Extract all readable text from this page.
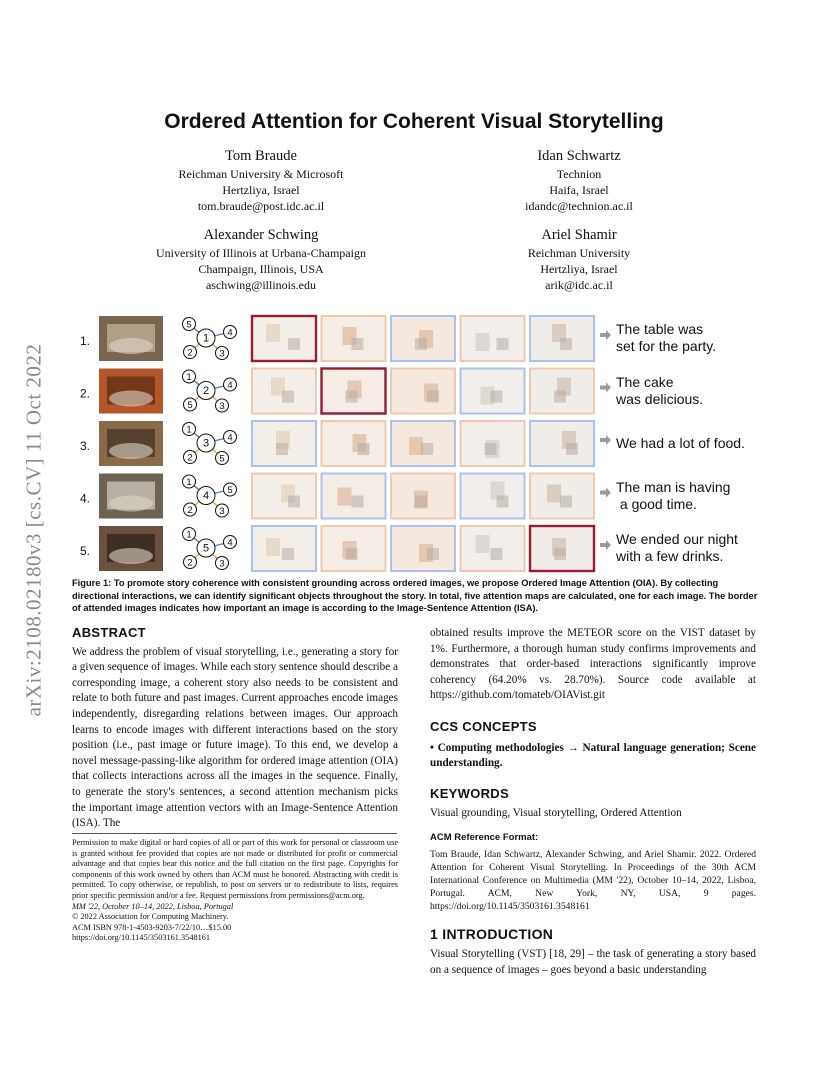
arXiv:2108.02180v3 [cs.CV] 11 Oct 2022
Ordered Attention for Coherent Visual Storytelling
Tom Braude
Reichman University & Microsoft
Hertzliya, Israel
tom.braude@post.idc.ac.il
Idan Schwartz
Technion
Haifa, Israel
idandc@technion.ac.il
Alexander Schwing
University of Illinois at Urbana-Champaign
Champaign, Illinois, USA
aschwing@illinois.edu
Ariel Shamir
Reichman University
Hertzliya, Israel
arik@idc.ac.il
1.
5
1 4
2	3
2.
1
2 4
5	3
3.
1
3 4
2	5
4.
1
4 5
2	3
5.
1
5 4
2	3
The table was
set for the party.
The cake
was delicious.
We had a lot of food.
The man is having
a good time.
We ended our night
with a few drinks.
Figure 1: To promote story coherence with consistent grounding across ordered images, we propose Ordered Image Attention (OIA). By collecting directional interactions, we can identify significant objects throughout the story. In total, five attention maps are calculated, one for each image. The border of attended images indicates how important an image is according to the Image-Sentence Attention (ISA).
ABSTRACT

We address the problem of visual storytelling, i.e., generating a story for a given sequence of images. While each story sentence should describe a corresponding image, a coherent story also needs to be consistent and relate to both future and past images. Current approaches encode images independently, disregarding relations between images. Our approach learns to encode images with different interactions based on the story position (i.e., past image or future image). To this end, we develop a novel message-passing-like algorithm for ordered image attention (OIA) that collects interactions across all the images in the sequence. Finally, to generate the story's sentences, a second attention mechanism picks the important image attention vectors with an Image-Sentence Attention (ISA). The

Permission to make digital or hard copies of all or part of this work for personal or classroom use is granted without fee provided that copies are not made or distributed for profit or commercial advantage and that copies bear this notice and the full citation on the first page. Copyrights for components of this work owned by others than ACM must be honored. Abstracting with credit is permitted. To copy otherwise, or republish, to post on servers or to redistribute to lists, requires prior specific permission and/or a fee. Request permissions from permissions@acm.org.
MM '22, October 10–14, 2022, Lisboa, Portugal
© 2022 Association for Computing Machinery.
ACM ISBN 978-1-4503-9203-7/22/10…$15.00
https://doi.org/10.1145/3503161.3548161

obtained results improve the METEOR score on the VIST dataset by 1%. Furthermore, a thorough human study confirms improvements and demonstrates that order-based interactions significantly improve coherency (64.20% vs. 28.70%). Source code available at https://github.com/tomateb/OIAVist.git

CCS CONCEPTS

• Computing methodologies → Natural language generation; Scene understanding.

KEYWORDS

Visual grounding, Visual storytelling, Ordered Attention

ACM Reference Format:

Tom Braude, Idan Schwartz, Alexander Schwing, and Ariel Shamir. 2022. Ordered Attention for Coherent Visual Storytelling. In Proceedings of the 30th ACM International Conference on Multimedia (MM '22), October 10–14, 2022, Lisboa, Portugal. ACM, New York, NY, USA, 9 pages. https://doi.org/10.1145/3503161.3548161

1 INTRODUCTION

Visual Storytelling (VST) [18, 29] – the task of generating a story based on a sequence of images – goes beyond a basic understanding
